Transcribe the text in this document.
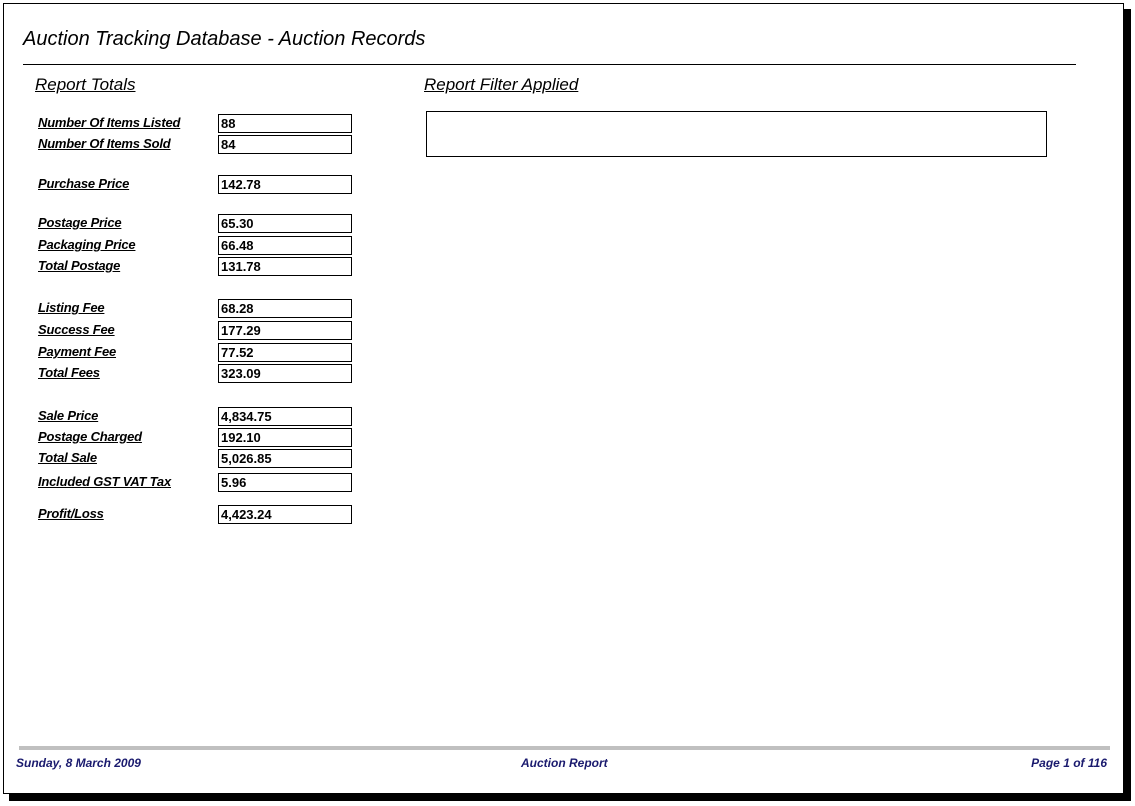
Auction Tracking Database - Auction Records
Report Totals	Report Filter Applied
Number Of Items Listed	88
Number Of Items Sold	84
Purchase Price	142.78
Postage Price	65.30
Packaging Price	66.48
Total Postage	131.78
Listing Fee	68.28
Success Fee	177.29
Payment Fee	77.52
Total Fees	323.09
Sale Price	4,834.75
Postage Charged	192.10
Total Sale	5,026.85
Included GST VAT Tax	5.96
Profit/Loss	4,423.24
Sunday, 8 March 2009	Auction Report	Page 1 of 116
